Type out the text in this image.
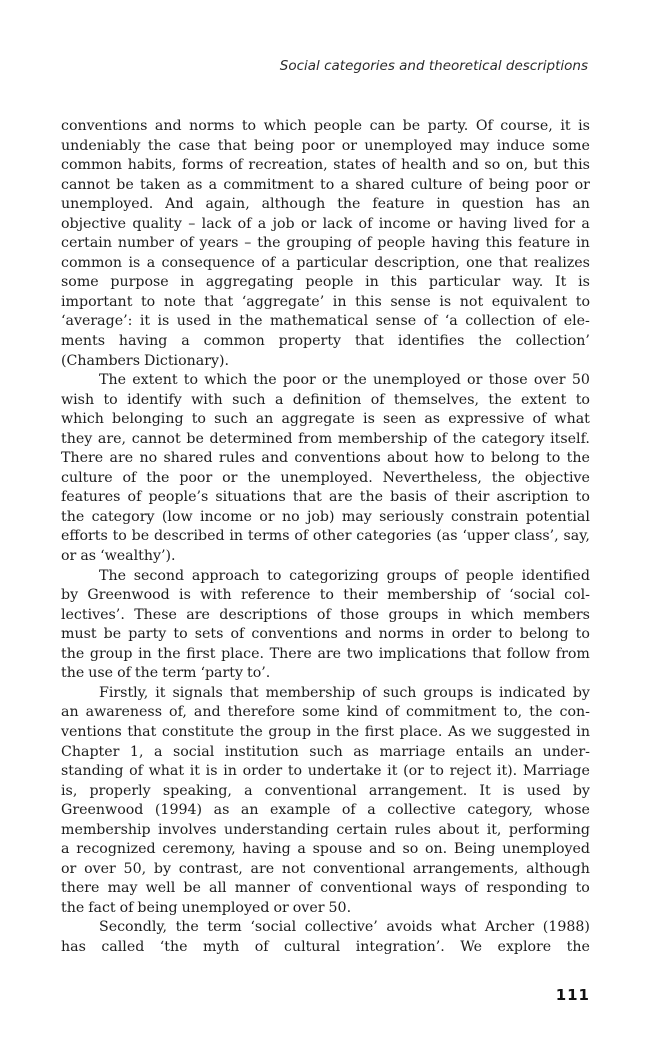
Social categories and theoretical descriptions
conventions and norms to which people can be party. Of course, it is
undeniably the case that being poor or unemployed may induce some
common habits, forms of recreation, states of health and so on, but this
cannot be taken as a commitment to a shared culture of being poor or
unemployed. And again, although the feature in question has an
objective quality – lack of a job or lack of income or having lived for a
certain number of years – the grouping of people having this feature in
common is a consequence of a particular description, one that realizes
some purpose in aggregating people in this particular way. It is
important to note that ‘aggregate’ in this sense is not equivalent to
‘average’: it is used in the mathematical sense of ‘a collection of ele-
ments having a common property that identifies the collection’
(Chambers Dictionary).
The extent to which the poor or the unemployed or those over 50
wish to identify with such a definition of themselves, the extent to
which belonging to such an aggregate is seen as expressive of what
they are, cannot be determined from membership of the category itself.
There are no shared rules and conventions about how to belong to the
culture of the poor or the unemployed. Nevertheless, the objective
features of people’s situations that are the basis of their ascription to
the category (low income or no job) may seriously constrain potential
efforts to be described in terms of other categories (as ‘upper class’, say,
or as ‘wealthy’).
The second approach to categorizing groups of people identified
by Greenwood is with reference to their membership of ‘social col-
lectives’. These are descriptions of those groups in which members
must be party to sets of conventions and norms in order to belong to
the group in the first place. There are two implications that follow from
the use of the term ‘party to’.
Firstly, it signals that membership of such groups is indicated by
an awareness of, and therefore some kind of commitment to, the con-
ventions that constitute the group in the first place. As we suggested in
Chapter 1, a social institution such as marriage entails an under-
standing of what it is in order to undertake it (or to reject it). Marriage
is, properly speaking, a conventional arrangement. It is used by
Greenwood (1994) as an example of a collective category, whose
membership involves understanding certain rules about it, performing
a recognized ceremony, having a spouse and so on. Being unemployed
or over 50, by contrast, are not conventional arrangements, although
there may well be all manner of conventional ways of responding to
the fact of being unemployed or over 50.
Secondly, the term ‘social collective’ avoids what Archer (1988)
has called ‘the myth of cultural integration’. We explore the
111
